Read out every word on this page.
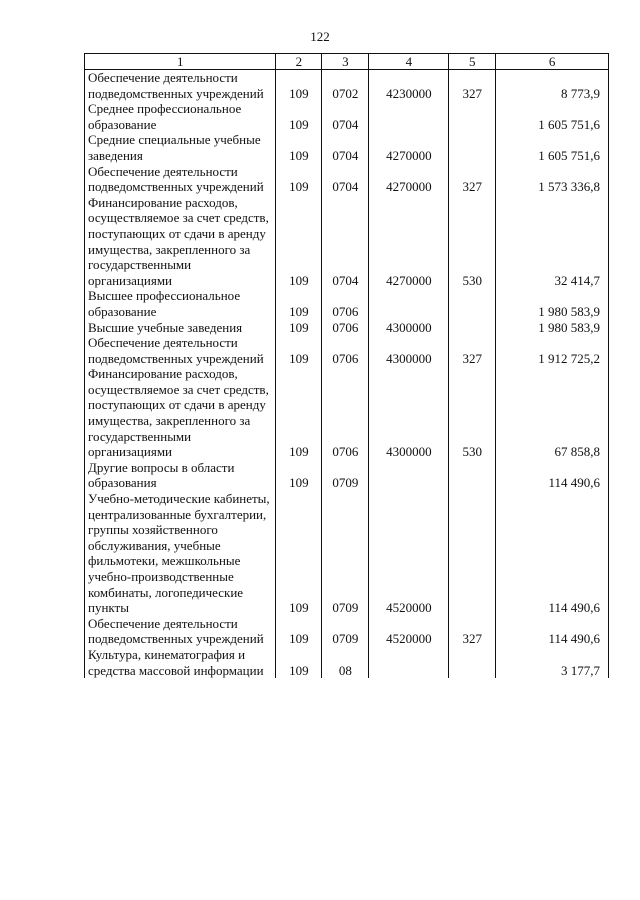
122
1	2	3	4	5	6
Обеспечение деятельности подведомственных учреждений	109	0702	4230000	327	8 773,9
Среднее профессиональное образование	109	0704			1 605 751,6
Средние специальные учебные заведения	109	0704	4270000		1 605 751,6
Обеспечение деятельности подведомственных учреждений	109	0704	4270000	327	1 573 336,8
Финансирование расходов, осуществляемое за счет средств, поступающих от сдачи в аренду имущества, закрепленного за государственными организациями	109	0704	4270000	530	32 414,7
Высшее профессиональное образование	109	0706			1 980 583,9
Высшие учебные заведения	109	0706	4300000		1 980 583,9
Обеспечение деятельности подведомственных учреждений	109	0706	4300000	327	1 912 725,2
Финансирование расходов, осуществляемое за счет средств, поступающих от сдачи в аренду имущества, закрепленного за государственными организациями	109	0706	4300000	530	67 858,8
Другие вопросы в области образования	109	0709			114 490,6
Учебно-методические кабинеты, централизованные бухгалтерии, группы хозяйственного обслуживания, учебные фильмотеки, межшкольные учебно-производственные комбинаты, логопедические пункты	109	0709	4520000		114 490,6
Обеспечение деятельности подведомственных учреждений	109	0709	4520000	327	114 490,6
Культура, кинематография и средства массовой информации	109	08			3 177,7
